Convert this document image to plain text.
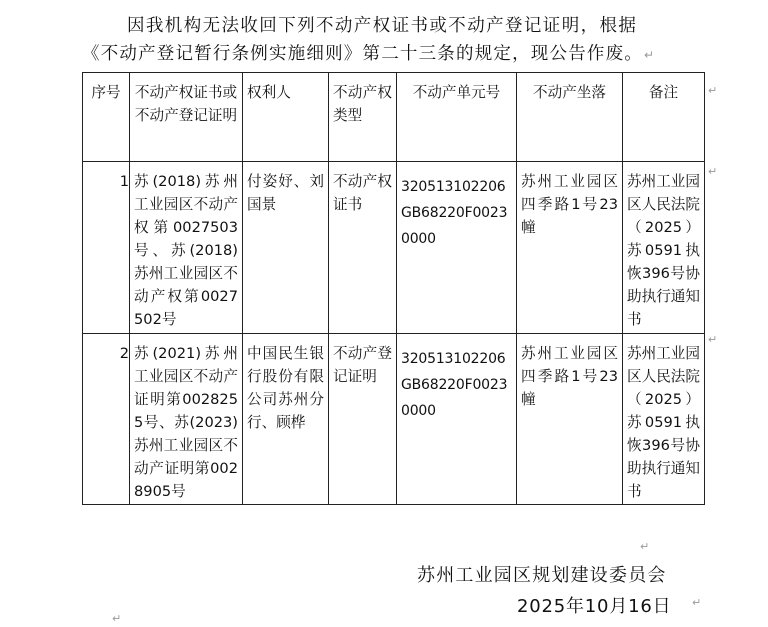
因我机构无法收回下列不动产权证书或不动产登记证明，根据

《不动产登记暂行条例实施细则》第二十三条的规定，现公告作废。↵

序号	不动产权证书或不动产登记证明	权利人	不动产权类型	不动产单元号	不动产坐落	备注
1	苏(2018)苏州工业园区不动产权第0027503号、苏(2018)苏州工业园区不动产权第0027502号	付姿妤、刘国景	不动产权证书	320513102206GB68220F00230000	苏州工业园区四季路1号23幢	苏州工业园区人民法院（2025）苏0591执恢396号协助执行通知书
2	苏(2021)苏州工业园区不动产证明第0028255号、苏(2023)苏州工业园区不动产证明第0028905号	中国民生银行股份有限公司苏州分行、顾桦	不动产登记证明	320513102206GB68220F00230000	苏州工业园区四季路1号23幢	苏州工业园区人民法院（2025）苏0591执恢396号协助执行通知书
苏州工业园区规划建设委员会
2025年10月16日
↵
↵
↵
↵
↵
↵
